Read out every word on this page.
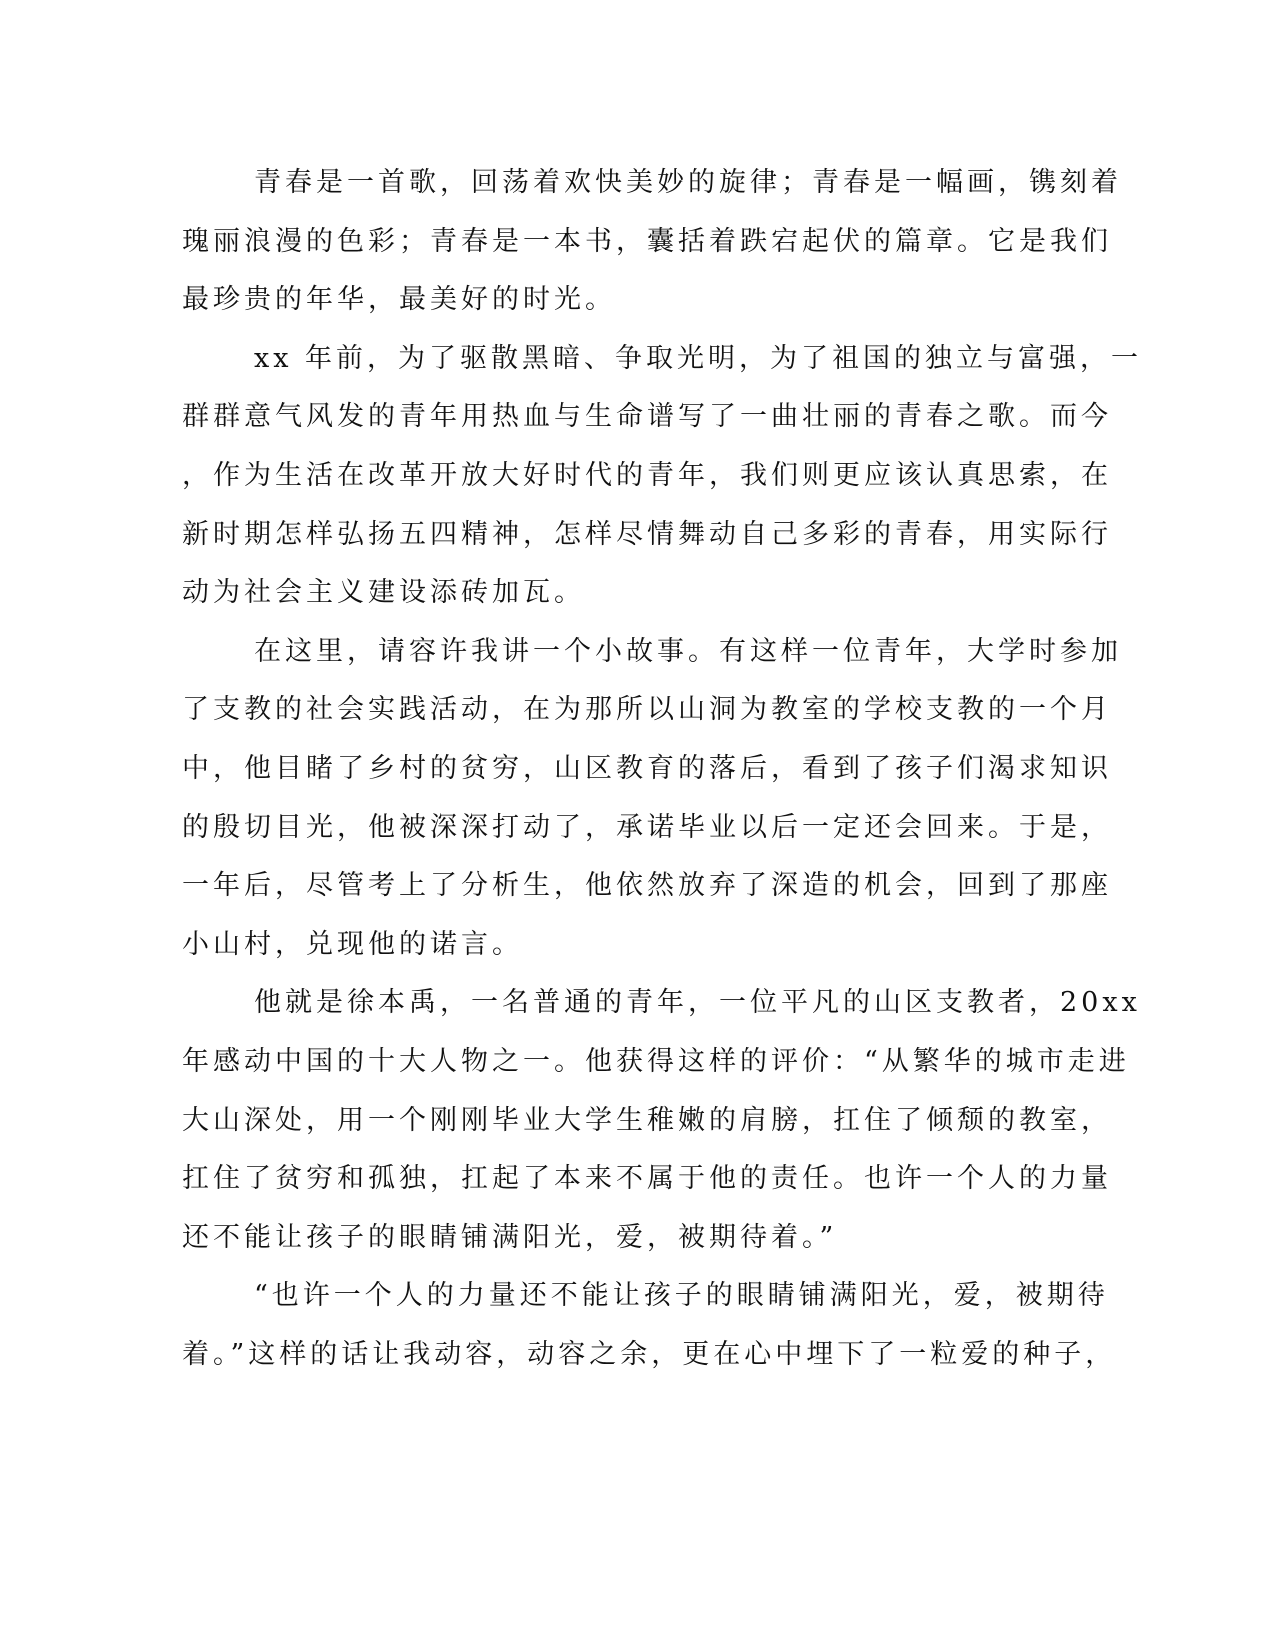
青春是一首歌，回荡着欢快美妙的旋律；青春是一幅画，镌刻着
瑰丽浪漫的色彩；青春是一本书，囊括着跌宕起伏的篇章。它是我们
最珍贵的年华，最美好的时光。
xx 年前，为了驱散黑暗、争取光明，为了祖国的独立与富强，一
群群意气风发的青年用热血与生命谱写了一曲壮丽的青春之歌。而今
，作为生活在改革开放大好时代的青年，我们则更应该认真思索，在
新时期怎样弘扬五四精神，怎样尽情舞动自己多彩的青春，用实际行
动为社会主义建设添砖加瓦。
在这里，请容许我讲一个小故事。有这样一位青年，大学时参加
了支教的社会实践活动，在为那所以山洞为教室的学校支教的一个月
中，他目睹了乡村的贫穷，山区教育的落后，看到了孩子们渴求知识
的殷切目光，他被深深打动了，承诺毕业以后一定还会回来。于是，
一年后，尽管考上了分析生，他依然放弃了深造的机会，回到了那座
小山村，兑现他的诺言。
他就是徐本禹，一名普通的青年，一位平凡的山区支教者，20xx
年感动中国的十大人物之一。他获得这样的评价：“从繁华的城市走进
大山深处，用一个刚刚毕业大学生稚嫩的肩膀，扛住了倾颓的教室，
扛住了贫穷和孤独，扛起了本来不属于他的责任。也许一个人的力量
还不能让孩子的眼睛铺满阳光，爱，被期待着。”
“也许一个人的力量还不能让孩子的眼睛铺满阳光，爱，被期待
着。”这样的话让我动容，动容之余，更在心中埋下了一粒爱的种子，
